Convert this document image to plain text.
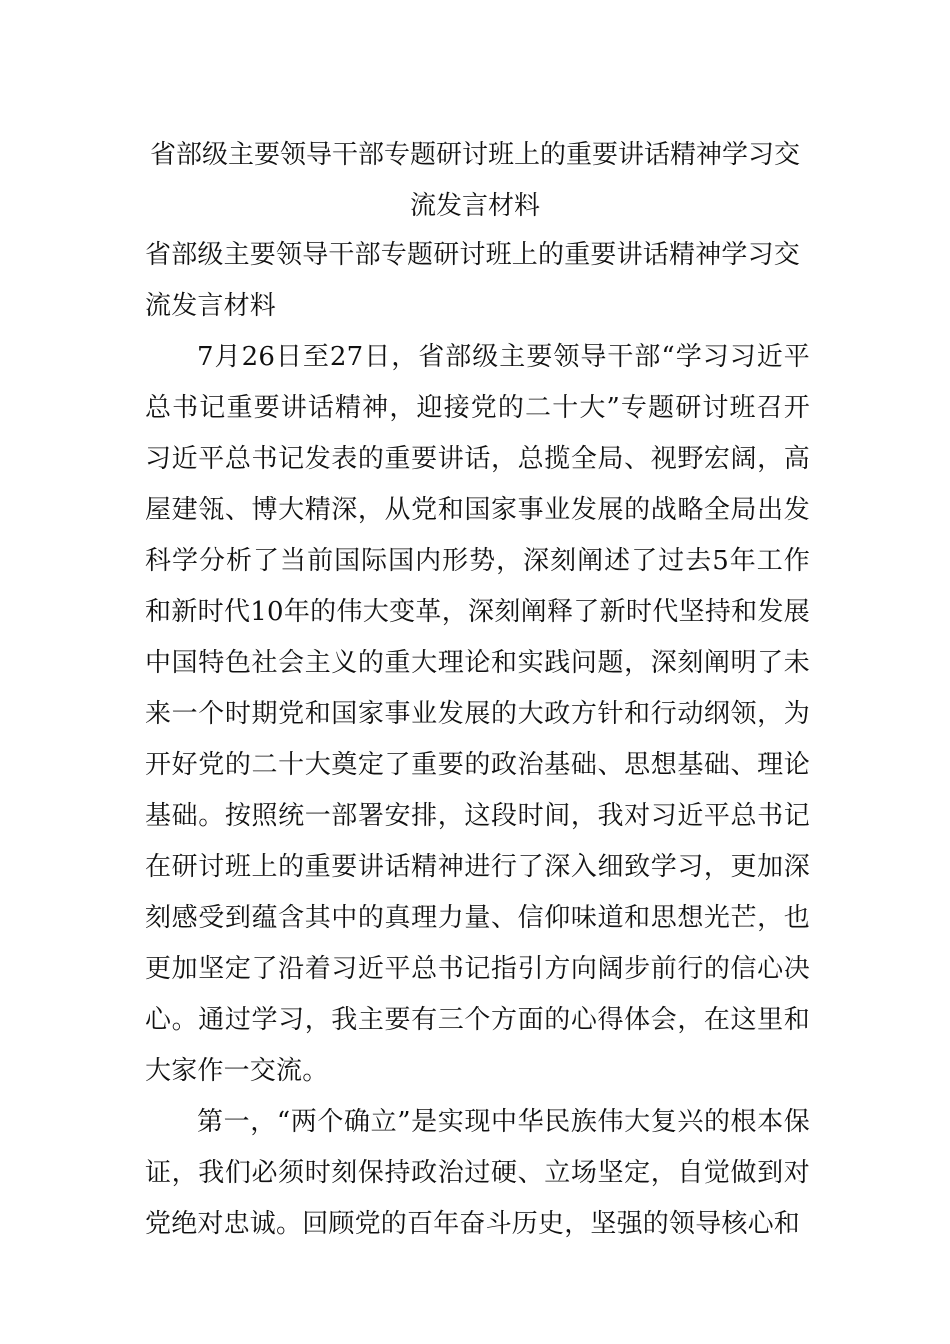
省部级主要领导干部专题研讨班上的重要讲话精神学习交流发言材料

省部级主要领导干部专题研讨班上的重要讲话精神学习交流发言材料

7月26日至27日，省部级主要领导干部“学习习近平总书记重要讲话精神，迎接党的二十大”专题研讨班召开习近平总书记发表的重要讲话，总揽全局、视野宏阔，高屋建瓴、博大精深，从党和国家事业发展的战略全局出发科学分析了当前国际国内形势，深刻阐述了过去5年工作和新时代10年的伟大变革，深刻阐释了新时代坚持和发展中国特色社会主义的重大理论和实践问题，深刻阐明了未来一个时期党和国家事业发展的大政方针和行动纲领，为开好党的二十大奠定了重要的政治基础、思想基础、理论基础。按照统一部署安排，这段时间，我对习近平总书记在研讨班上的重要讲话精神进行了深入细致学习，更加深刻感受到蕴含其中的真理力量、信仰味道和思想光芒，也更加坚定了沿着习近平总书记指引方向阔步前行的信心决心。通过学习，我主要有三个方面的心得体会，在这里和大家作一交流。

第一，“两个确立”是实现中华民族伟大复兴的根本保证，我们必须时刻保持政治过硬、立场坚定，自觉做到对党绝对忠诚。回顾党的百年奋斗历史，坚强的领导核心和
